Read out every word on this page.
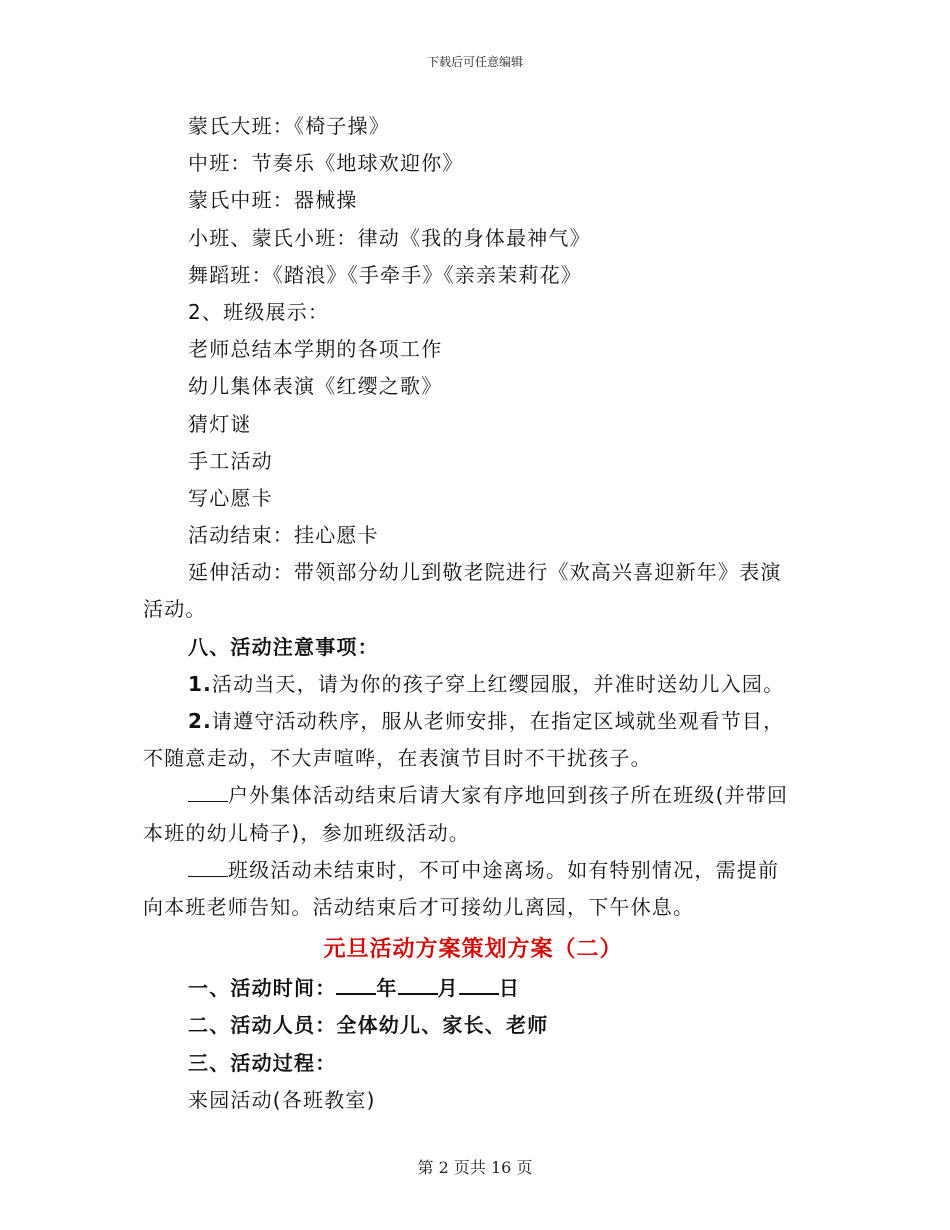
下载后可任意编辑
蒙氏大班：《椅子操》
中班：节奏乐《地球欢迎你》
蒙氏中班：器械操
小班、蒙氏小班：律动《我的身体最神气》
舞蹈班：《踏浪》《手牵手》《亲亲茉莉花》
2、班级展示：
老师总结本学期的各项工作
幼儿集体表演《红缨之歌》
猜灯谜
手工活动
写心愿卡
活动结束：挂心愿卡
延伸活动：带领部分幼儿到敬老院进行《欢高兴喜迎新年》表演
活动。
八、活动注意事项：
1.活动当天，请为你的孩子穿上红缨园服，并准时送幼儿入园。
2.请遵守活动秩序，服从老师安排，在指定区域就坐观看节目，
不随意走动，不大声喧哗，在表演节目时不干扰孩子。
户外集体活动结束后请大家有序地回到孩子所在班级(并带回
本班的幼儿椅子)，参加班级活动。
班级活动未结束时，不可中途离场。如有特别情况，需提前
向本班老师告知。活动结束后才可接幼儿离园，下午休息。
元旦活动方案策划方案（二）
一、活动时间： 年 月 日
二、活动人员：全体幼儿、家长、老师
三、活动过程：
来园活动(各班教室)
第 2 页共 16 页
